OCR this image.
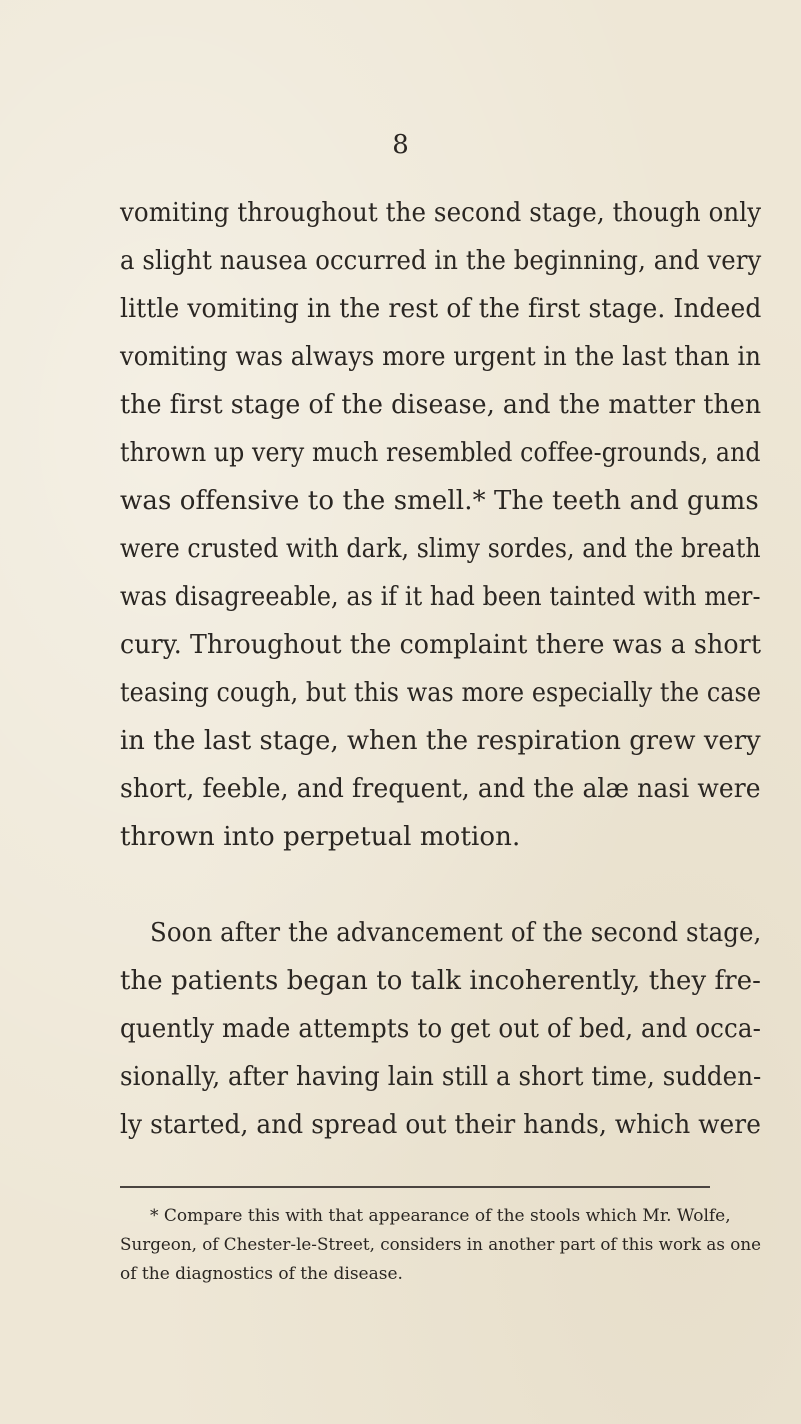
8
vomiting throughout the second stage, though only
a slight nausea occurred in the beginning, and very
little vomiting in the rest of the first stage. Indeed
vomiting was always more urgent in the last than in
the first stage of the disease, and the matter then
thrown up very much resembled coffee-grounds, and
was offensive to the smell.* The teeth and gums
were crusted with dark, slimy sordes, and the breath
was disagreeable, as if it had been tainted with mer-
cury. Throughout the complaint there was a short
teasing cough, but this was more especially the case
in the last stage, when the respiration grew very
short, feeble, and frequent, and the alæ nasi were
thrown into perpetual motion.
Soon after the advancement of the second stage,
the patients began to talk incoherently, they fre-
quently made attempts to get out of bed, and occa-
sionally, after having lain still a short time, sudden-
ly started, and spread out their hands, which were
* Compare this with that appearance of the stools which Mr. Wolfe,
Surgeon, of Chester-le-Street, considers in another part of this work as one
of the diagnostics of the disease.
